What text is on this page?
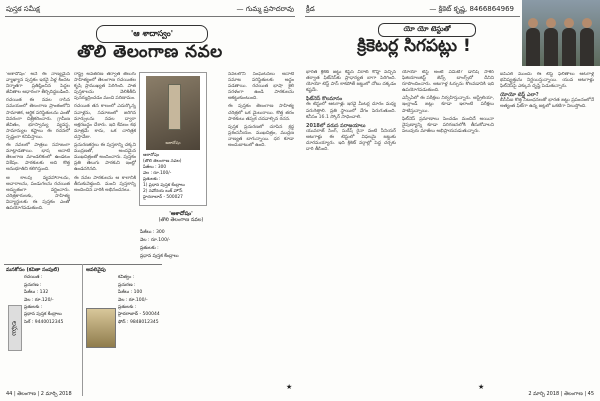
పుస్తక సమీక్ష	— గుమ్మ ప్రసాదరావు
'ఆ శాదాస్వం'
తొలి తెలంగాణ నవల

'ఆశాదోషం' అనే ఈ నాణ్యమైన వ్యాఖ్యాన పుస్తకం ఇరవై ఏళ్ల కిందట నిర్మాతగా ప్రతిష్ఠించిన పెద్దల జీవితాల ఆధారంగా తీర్చిదిద్దబడింది.

రచయిత ఈ నవల రాసిన సమయంలో తెలంగాణ ప్రాంతంలోని సామాజిక, ఆర్థిక పరిస్థితులను ఎంతో వివరంగా చిత్రీకరించారు. గ్రామీణ జీవితం, భూస్వామ్య వ్యవస్థ, సామాన్యుల కష్టాలు ఈ రచనలో స్పష్టంగా కనిపిస్తాయి.

ఈ నవలలో పాత్రలు సహజంగా మాట్లాడతాయి. భాష ఆనాటి తెలంగాణ మాండలికంలో ఉండటం విశేషం. పాఠకులకు అది కొత్త అనుభూతిని కలిగిస్తుంది.

ఆ కాలపు వ్యవహారాలను, ఆచారాలను, పండుగలను రచయిత అద్భుతంగా వర్ణించారు. చరిత్రకారులకు, సాహిత్య విద్యార్థులకు ఈ పుస్తకం ఎంతో ఉపయోగపడుతుంది.

రాష్ట్ర అవతరణ తర్వాత తెలుగు సాహిత్యంలో తెలంగాణ రచయితల కృషి ప్రాముఖ్యత పెరిగింది. పాత పుస్తకాలను వెలికితీసి పునర్ముద్రించడం మంచి పరిణామం.

రచయిత తన కాలంలో ఎదుర్కొన్న సవాళ్లను, సమాజంలో జరిగిన మార్పులను నవల ద్వారా అక్షరబద్ధం చేశారు. ఇది కేవలం కథ మాత్రమే కాదు, ఒక చారిత్రక దస్తావేజు.

ప్రచురణకర్తలు ఈ పుస్తకాన్ని చక్కని ముద్రణతో, అందమైన ముఖచిత్రంతో అందించారు. పుస్తకం ప్రతి తెలుగు పాఠకుని ఇంట్లో ఉండదగినది.

ఈ నవల పాఠకులను ఆ కాలానికి తీసుకువెళ్తుంది. మంచి పుస్తకాన్ని అందించిన వారికి అభినందనలు.

ఆశాదోషం
ఆశాదోషం
(తొలి తెలంగాణ నవల)
పేజీలు : 300
వెల : రూ.100/-
ప్రతులకు :
1) ప్రధాన పుస్తక కేంద్రాలు
2) నవోదయ బుక్ హౌస్
హైదరాబాద్ - 500027
'ఆశాదోషం'
(తొలి తెలంగాణ నవల)
పేజీలు : 300
వెల : రూ.100/-
ప్రతులకు :
ప్రధాన పుస్తక కేంద్రాలు

నవలలోని సంఘటనలు ఆనాటి సమాజ పరిస్థితులకు అద్దం పడతాయి. రచయిత భాషా శైలి సరళంగా ఉండి పాఠకులను ఆకట్టుకుంటుంది.

ఈ పుస్తకం తెలంగాణ సాహిత్య చరిత్రలో ఒక మైలురాయి. కొత్త తరం పాఠకులు తప్పక చదవాల్సిన రచన.

పుస్తక ప్రచురణలో చూపిన శ్రద్ధ ప్రశంసనీయం. ముఖచిత్రం, ముద్రణ నాణ్యత బాగున్నాయి. ధర కూడా అందుబాటులో ఉంది.

మనకోసం (కవితా సంపుటి)
రచయిత :
ప్రచురణ :
పేజీలు : 132
వెల : రూ.120/-
ప్రతులకు :
ప్రధాన పుస్తక కేంద్రాలు
సెల్ : 9440012345
లఘు
ఆవలివైపు
కవిత్వం :
ప్రచురణ :
పేజీలు : 100
వెల : రూ.100/-
ప్రతులకు :
హైదరాబాద్ - 500044
ఫోన్ : 9848012345
★
44 | తెలంగాణ | 2 మార్చి 2018
క్రీడ	— క్రికెట్ కృష్ణ, 8466864969
యో యో టెస్టుతో
క్రికెటర్ల సిగపట్లు !

భారత క్రికెట్ జట్టు కెప్టెన్ విరాట్ కోహ్లీ వచ్చిన తర్వాత ఫిట్‌నెస్‌కు ప్రాధాన్యత బాగా పెరిగింది. యోయో టెస్ట్ పాస్ కాకపోతే జట్టులో చోటు దక్కడం కష్టమే.

ఫిట్‌నెస్ కొలమానం

ఈ టెస్టులో ఆటగాళ్లు ఇరవై మీటర్ల దూరం మధ్య పరుగెత్తాలి. ప్రతి స్థాయిలో వేగం పెరుగుతుంది. కనీసం 16.1 స్కోర్ సాధించాలి.

2018లో వరుస పరాజయాలు

యువరాజ్ సింగ్, సురేష్ రైనా వంటి సీనియర్ ఆటగాళ్లు ఈ టెస్టులో విఫలమై జట్టుకు దూరమయ్యారు. ఇది క్రికెట్ వర్గాల్లో పెద్ద చర్చకు దారి తీసింది.

యోయో టెస్ట్ అంటే ఏమిటి? డానిష్ సాకర్ ఫిజియాలజిస్ట్ జెన్స్ బాంగ్స్‌బో దీనిని రూపొందించారు. ఆటగాళ్ల ఓర్పును కొలవడానికి ఇది ఉపయోగపడుతుంది.

ఎన్సీఏలో ఈ పరీక్షలు నిర్వహిస్తున్నారు. ఆస్ట్రేలియా, ఇంగ్లాండ్ జట్లు కూడా ఇలాంటి పరీక్షలు పాటిస్తున్నాయి.

ఫిట్‌నెస్ ప్రమాణాలు పెంచడం మంచిదే అయినా నైపుణ్యాన్ని కూడా పరిగణనలోకి తీసుకోవాలని పలువురు మాజీలు అభిప్రాయపడుతున్నారు.

ఐపీఎల్ ముందు ఈ టెస్ట్ ఫలితాలు ఆటగాళ్ల భవిష్యత్తును నిర్ణయిస్తున్నాయి. యువ ఆటగాళ్లు ఫిట్‌నెస్‌పై ఎక్కువ దృష్టి పెడుతున్నారు.

యోయో టెస్ట్ ఎలా?

బీసీసీఐ కొత్త నిబంధనలతో భారత జట్టు ప్రపంచంలోనే అత్యంత ఫిట్‌గా ఉన్న జట్లలో ఒకటిగా నిలుస్తోంది.

★
2 మార్చి 2018 | తెలంగాణ | 45
